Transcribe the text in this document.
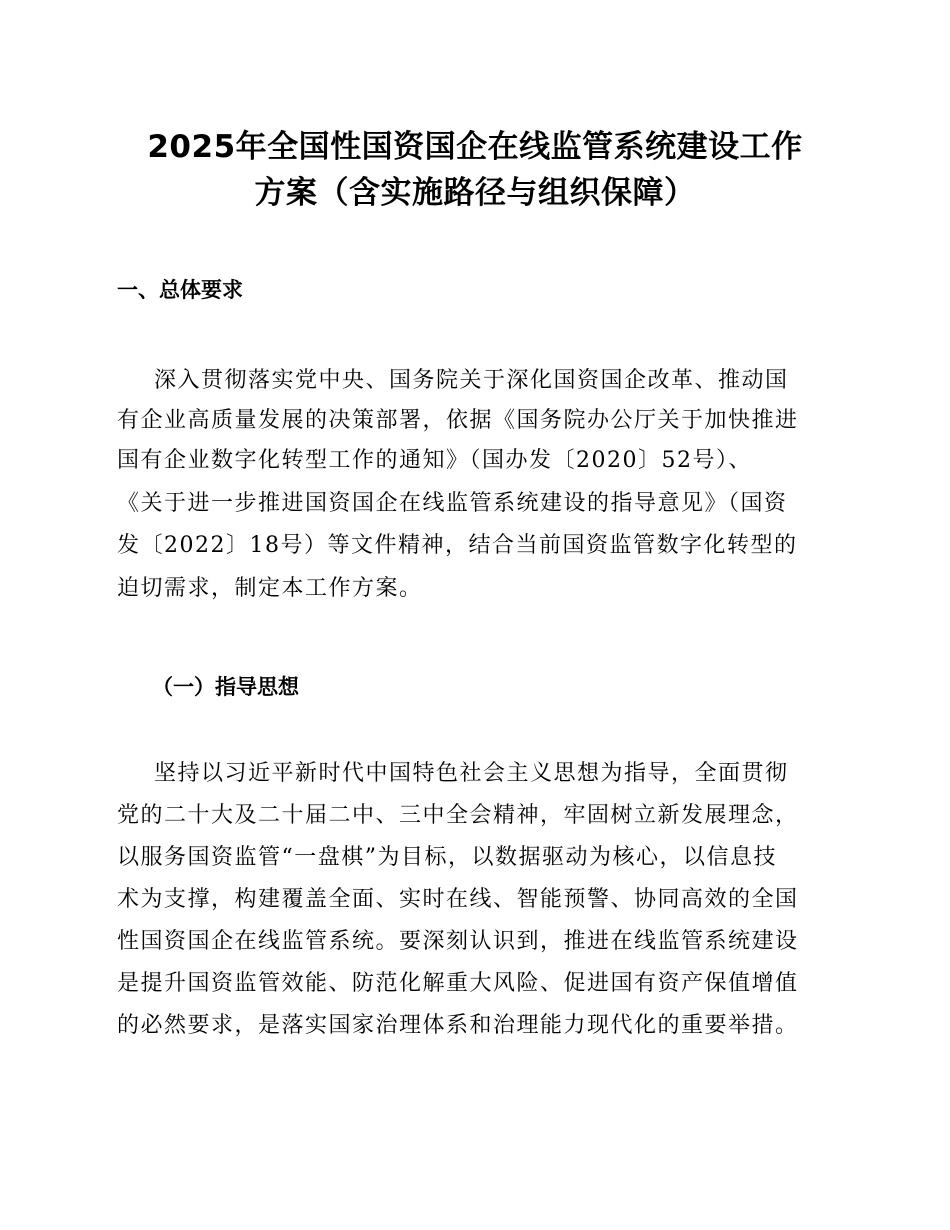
2025年全国性国资国企在线监管系统建设工作
方案（含实施路径与组织保障）
一、总体要求
深入贯彻落实党中央、国务院关于深化国资国企改革、推动国
有企业高质量发展的决策部署，依据《国务院办公厅关于加快推进
国有企业数字化转型工作的通知》（国办发〔2020〕52号）、
《关于进一步推进国资国企在线监管系统建设的指导意见》（国资
发〔2022〕18号）等文件精神，结合当前国资监管数字化转型的
迫切需求，制定本工作方案。
（一）指导思想
坚持以习近平新时代中国特色社会主义思想为指导，全面贯彻
党的二十大及二十届二中、三中全会精神，牢固树立新发展理念，
以服务国资监管“一盘棋”为目标，以数据驱动为核心，以信息技
术为支撑，构建覆盖全面、实时在线、智能预警、协同高效的全国
性国资国企在线监管系统。要深刻认识到，推进在线监管系统建设
是提升国资监管效能、防范化解重大风险、促进国有资产保值增值
的必然要求，是落实国家治理体系和治理能力现代化的重要举措。
